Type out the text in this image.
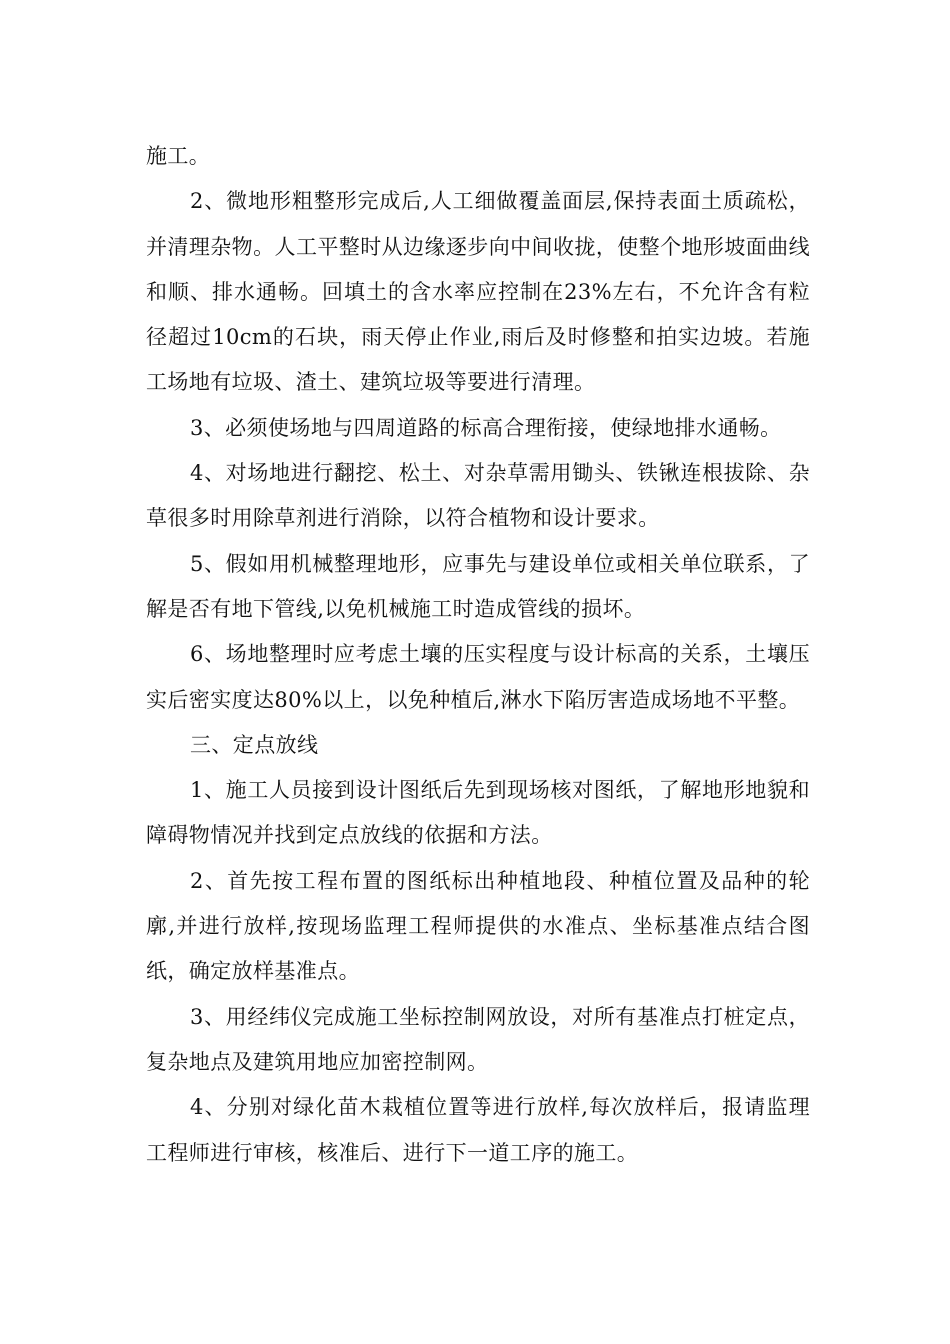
施工。

2、微地形粗整形完成后,人工细做覆盖面层,保持表面土质疏松，并清理杂物。人工平整时从边缘逐步向中间收拢，使整个地形坡面曲线和顺、排水通畅。回填土的含水率应控制在23%左右，不允许含有粒径超过10cm的石块，雨天停止作业,雨后及时修整和拍实边坡。若施工场地有垃圾、渣土、建筑垃圾等要进行清理。

3、必须使场地与四周道路的标高合理衔接，使绿地排水通畅。

4、对场地进行翻挖、松土、对杂草需用锄头、铁锹连根拔除、杂草很多时用除草剂进行消除，以符合植物和设计要求。

5、假如用机械整理地形，应事先与建设单位或相关单位联系，了解是否有地下管线,以免机械施工时造成管线的损坏。

6、场地整理时应考虑土壤的压实程度与设计标高的关系，土壤压实后密实度达80%以上，以免种植后,淋水下陷厉害造成场地不平整。

三、定点放线

1、施工人员接到设计图纸后先到现场核对图纸，了解地形地貌和障碍物情况并找到定点放线的依据和方法。

2、首先按工程布置的图纸标出种植地段、种植位置及品种的轮廓,并进行放样,按现场监理工程师提供的水准点、坐标基准点结合图纸，确定放样基准点。

3、用经纬仪完成施工坐标控制网放设，对所有基准点打桩定点，复杂地点及建筑用地应加密控制网。

4、分别对绿化苗木栽植位置等进行放样,每次放样后，报请监理工程师进行审核，核准后、进行下一道工序的施工。
